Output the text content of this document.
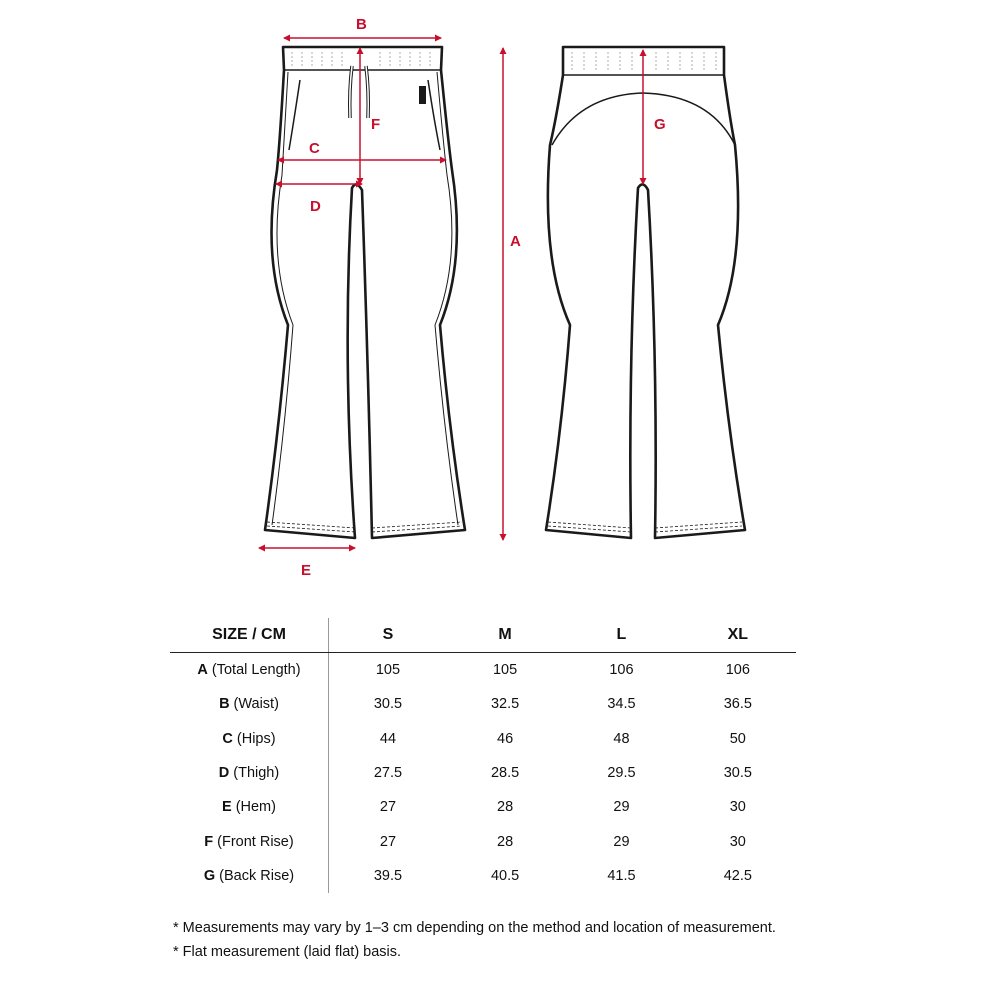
B
F
C
D
A
G
E
SIZE / CM	S	M	L	XL
A (Total Length)	105	105	106	106
B (Waist)	30.5	32.5	34.5	36.5
C (Hips)	44	46	48	50
D (Thigh)	27.5	28.5	29.5	30.5
E (Hem)	27	28	29	30
F (Front Rise)	27	28	29	30
G (Back Rise)	39.5	40.5	41.5	42.5
* Measurements may vary by 1–3 cm depending on the method and location of measurement.
* Flat measurement (laid flat) basis.
